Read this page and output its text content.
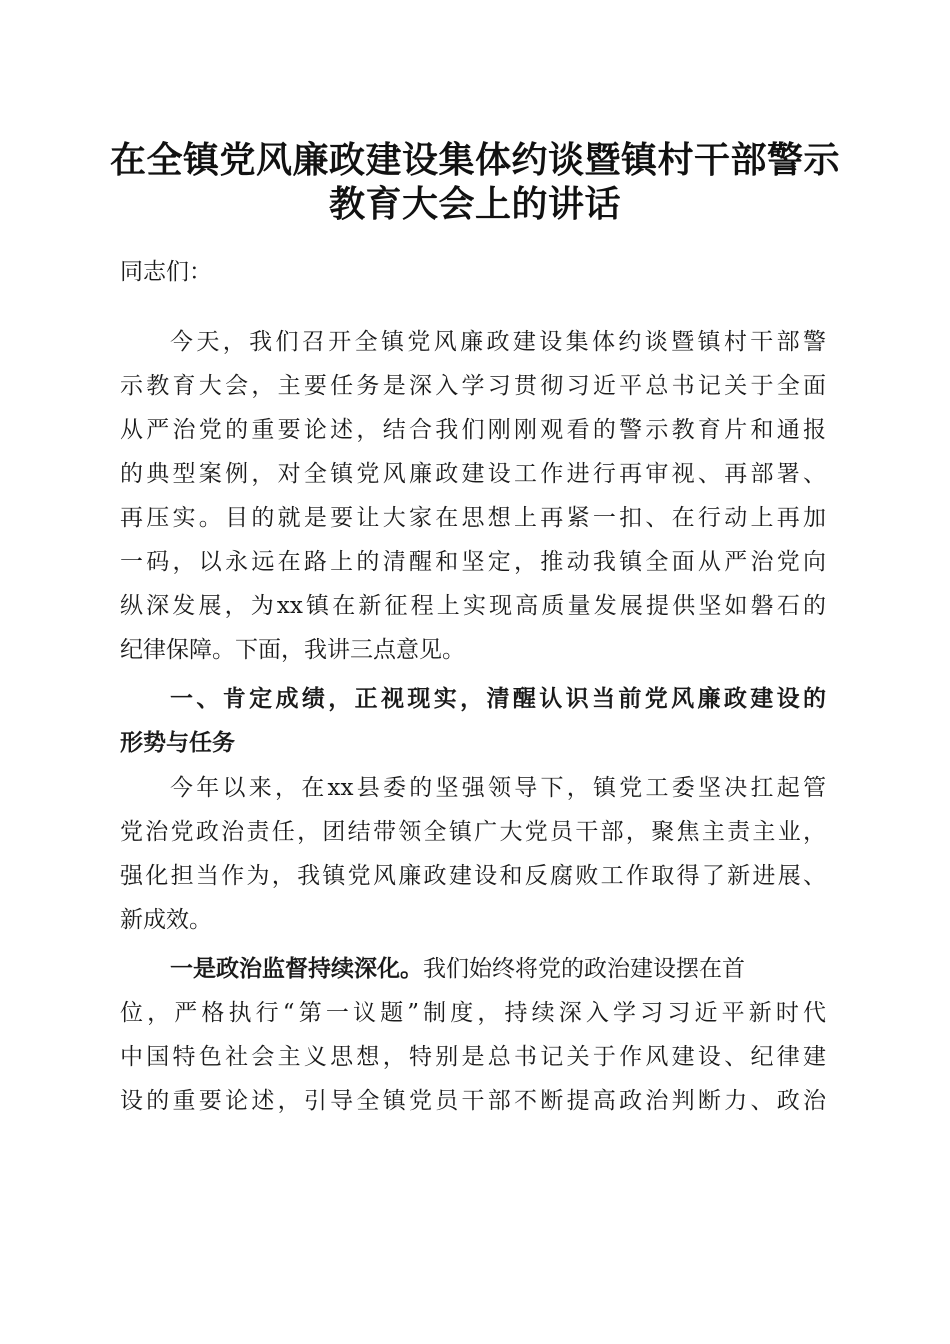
在全镇党风廉政建设集体约谈暨镇村干部警示
教育大会上的讲话
同志们：
今天，我们召开全镇党风廉政建设集体约谈暨镇村干部警
示教育大会，主要任务是深入学习贯彻习近平总书记关于全面
从严治党的重要论述，结合我们刚刚观看的警示教育片和通报
的典型案例，对全镇党风廉政建设工作进行再审视、再部署、
再压实。目的就是要让大家在思想上再紧一扣、在行动上再加
一码，以永远在路上的清醒和坚定，推动我镇全面从严治党向
纵深发展，为xx镇在新征程上实现高质量发展提供坚如磐石的
纪律保障。下面，我讲三点意见。
一、肯定成绩，正视现实，清醒认识当前党风廉政建设的
形势与任务
今年以来，在xx县委的坚强领导下，镇党工委坚决扛起管
党治党政治责任，团结带领全镇广大党员干部，聚焦主责主业，
强化担当作为，我镇党风廉政建设和反腐败工作取得了新进展、
新成效。
一是政治监督持续深化。我们始终将党的政治建设摆在首
位，严格执行“第一议题”制度，持续深入学习习近平新时代
中国特色社会主义思想，特别是总书记关于作风建设、纪律建
设的重要论述，引导全镇党员干部不断提高政治判断力、政治
